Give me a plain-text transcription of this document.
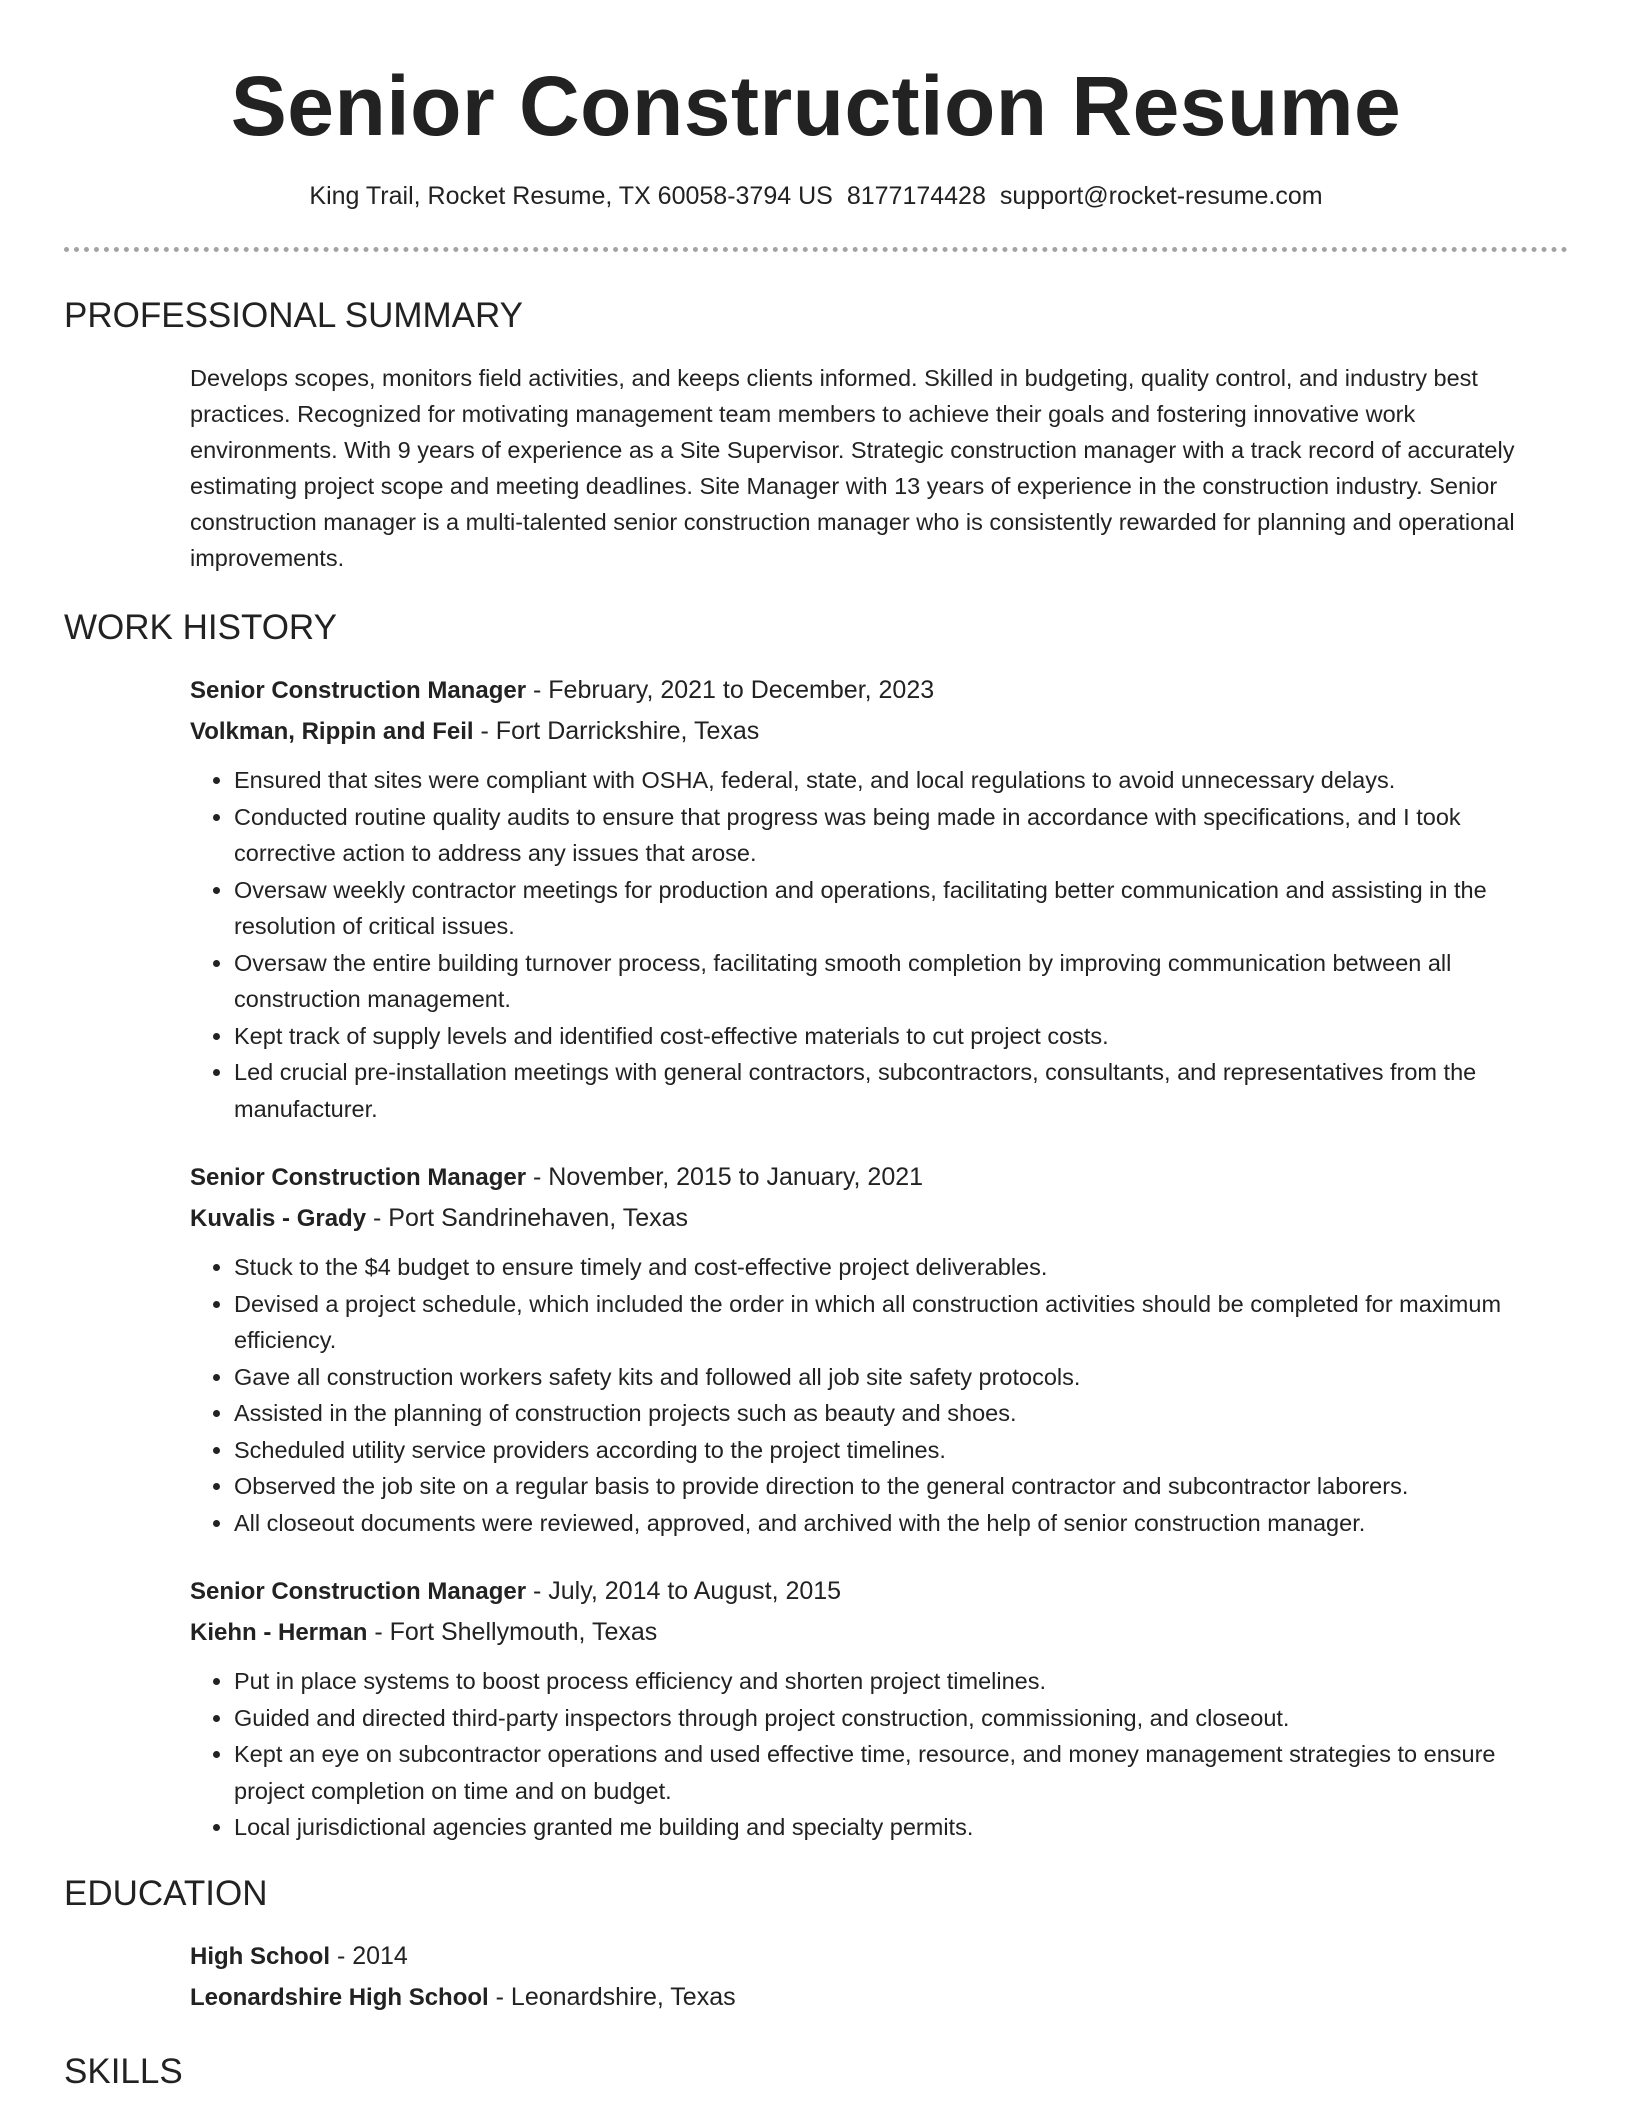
Senior Construction Resume
King Trail, Rocket Resume, TX 60058-3794 US 8177174428 support@rocket-resume.com
PROFESSIONAL SUMMARY

Develops scopes, monitors field activities, and keeps clients informed. Skilled in budgeting, quality control, and industry best practices. Recognized for motivating management team members to achieve their goals and fostering innovative work environments. With 9 years of experience as a Site Supervisor. Strategic construction manager with a track record of accurately estimating project scope and meeting deadlines. Site Manager with 13 years of experience in the construction industry. Senior construction manager is a multi-talented senior construction manager who is consistently rewarded for planning and operational improvements.

WORK HISTORY
Senior Construction Manager - February, 2021 to December, 2023
Volkman, Rippin and Feil - Fort Darrickshire, Texas
• Ensured that sites were compliant with OSHA, federal, state, and local regulations to avoid unnecessary delays.
• Conducted routine quality audits to ensure that progress was being made in accordance with specifications, and I took corrective action to address any issues that arose.
• Oversaw weekly contractor meetings for production and operations, facilitating better communication and assisting in the resolution of critical issues.
• Oversaw the entire building turnover process, facilitating smooth completion by improving communication between all construction management.
• Kept track of supply levels and identified cost-effective materials to cut project costs.
• Led crucial pre-installation meetings with general contractors, subcontractors, consultants, and representatives from the manufacturer.
Senior Construction Manager - November, 2015 to January, 2021
Kuvalis - Grady - Port Sandrinehaven, Texas
• Stuck to the $4 budget to ensure timely and cost-effective project deliverables.
• Devised a project schedule, which included the order in which all construction activities should be completed for maximum efficiency.
• Gave all construction workers safety kits and followed all job site safety protocols.
• Assisted in the planning of construction projects such as beauty and shoes.
• Scheduled utility service providers according to the project timelines.
• Observed the job site on a regular basis to provide direction to the general contractor and subcontractor laborers.
• All closeout documents were reviewed, approved, and archived with the help of senior construction manager.
Senior Construction Manager - July, 2014 to August, 2015
Kiehn - Herman - Fort Shellymouth, Texas
• Put in place systems to boost process efficiency and shorten project timelines.
• Guided and directed third-party inspectors through project construction, commissioning, and closeout.
• Kept an eye on subcontractor operations and used effective time, resource, and money management strategies to ensure project completion on time and on budget.
• Local jurisdictional agencies granted me building and specialty permits.
EDUCATION
High School - 2014
Leonardshire High School - Leonardshire, Texas
SKILLS
